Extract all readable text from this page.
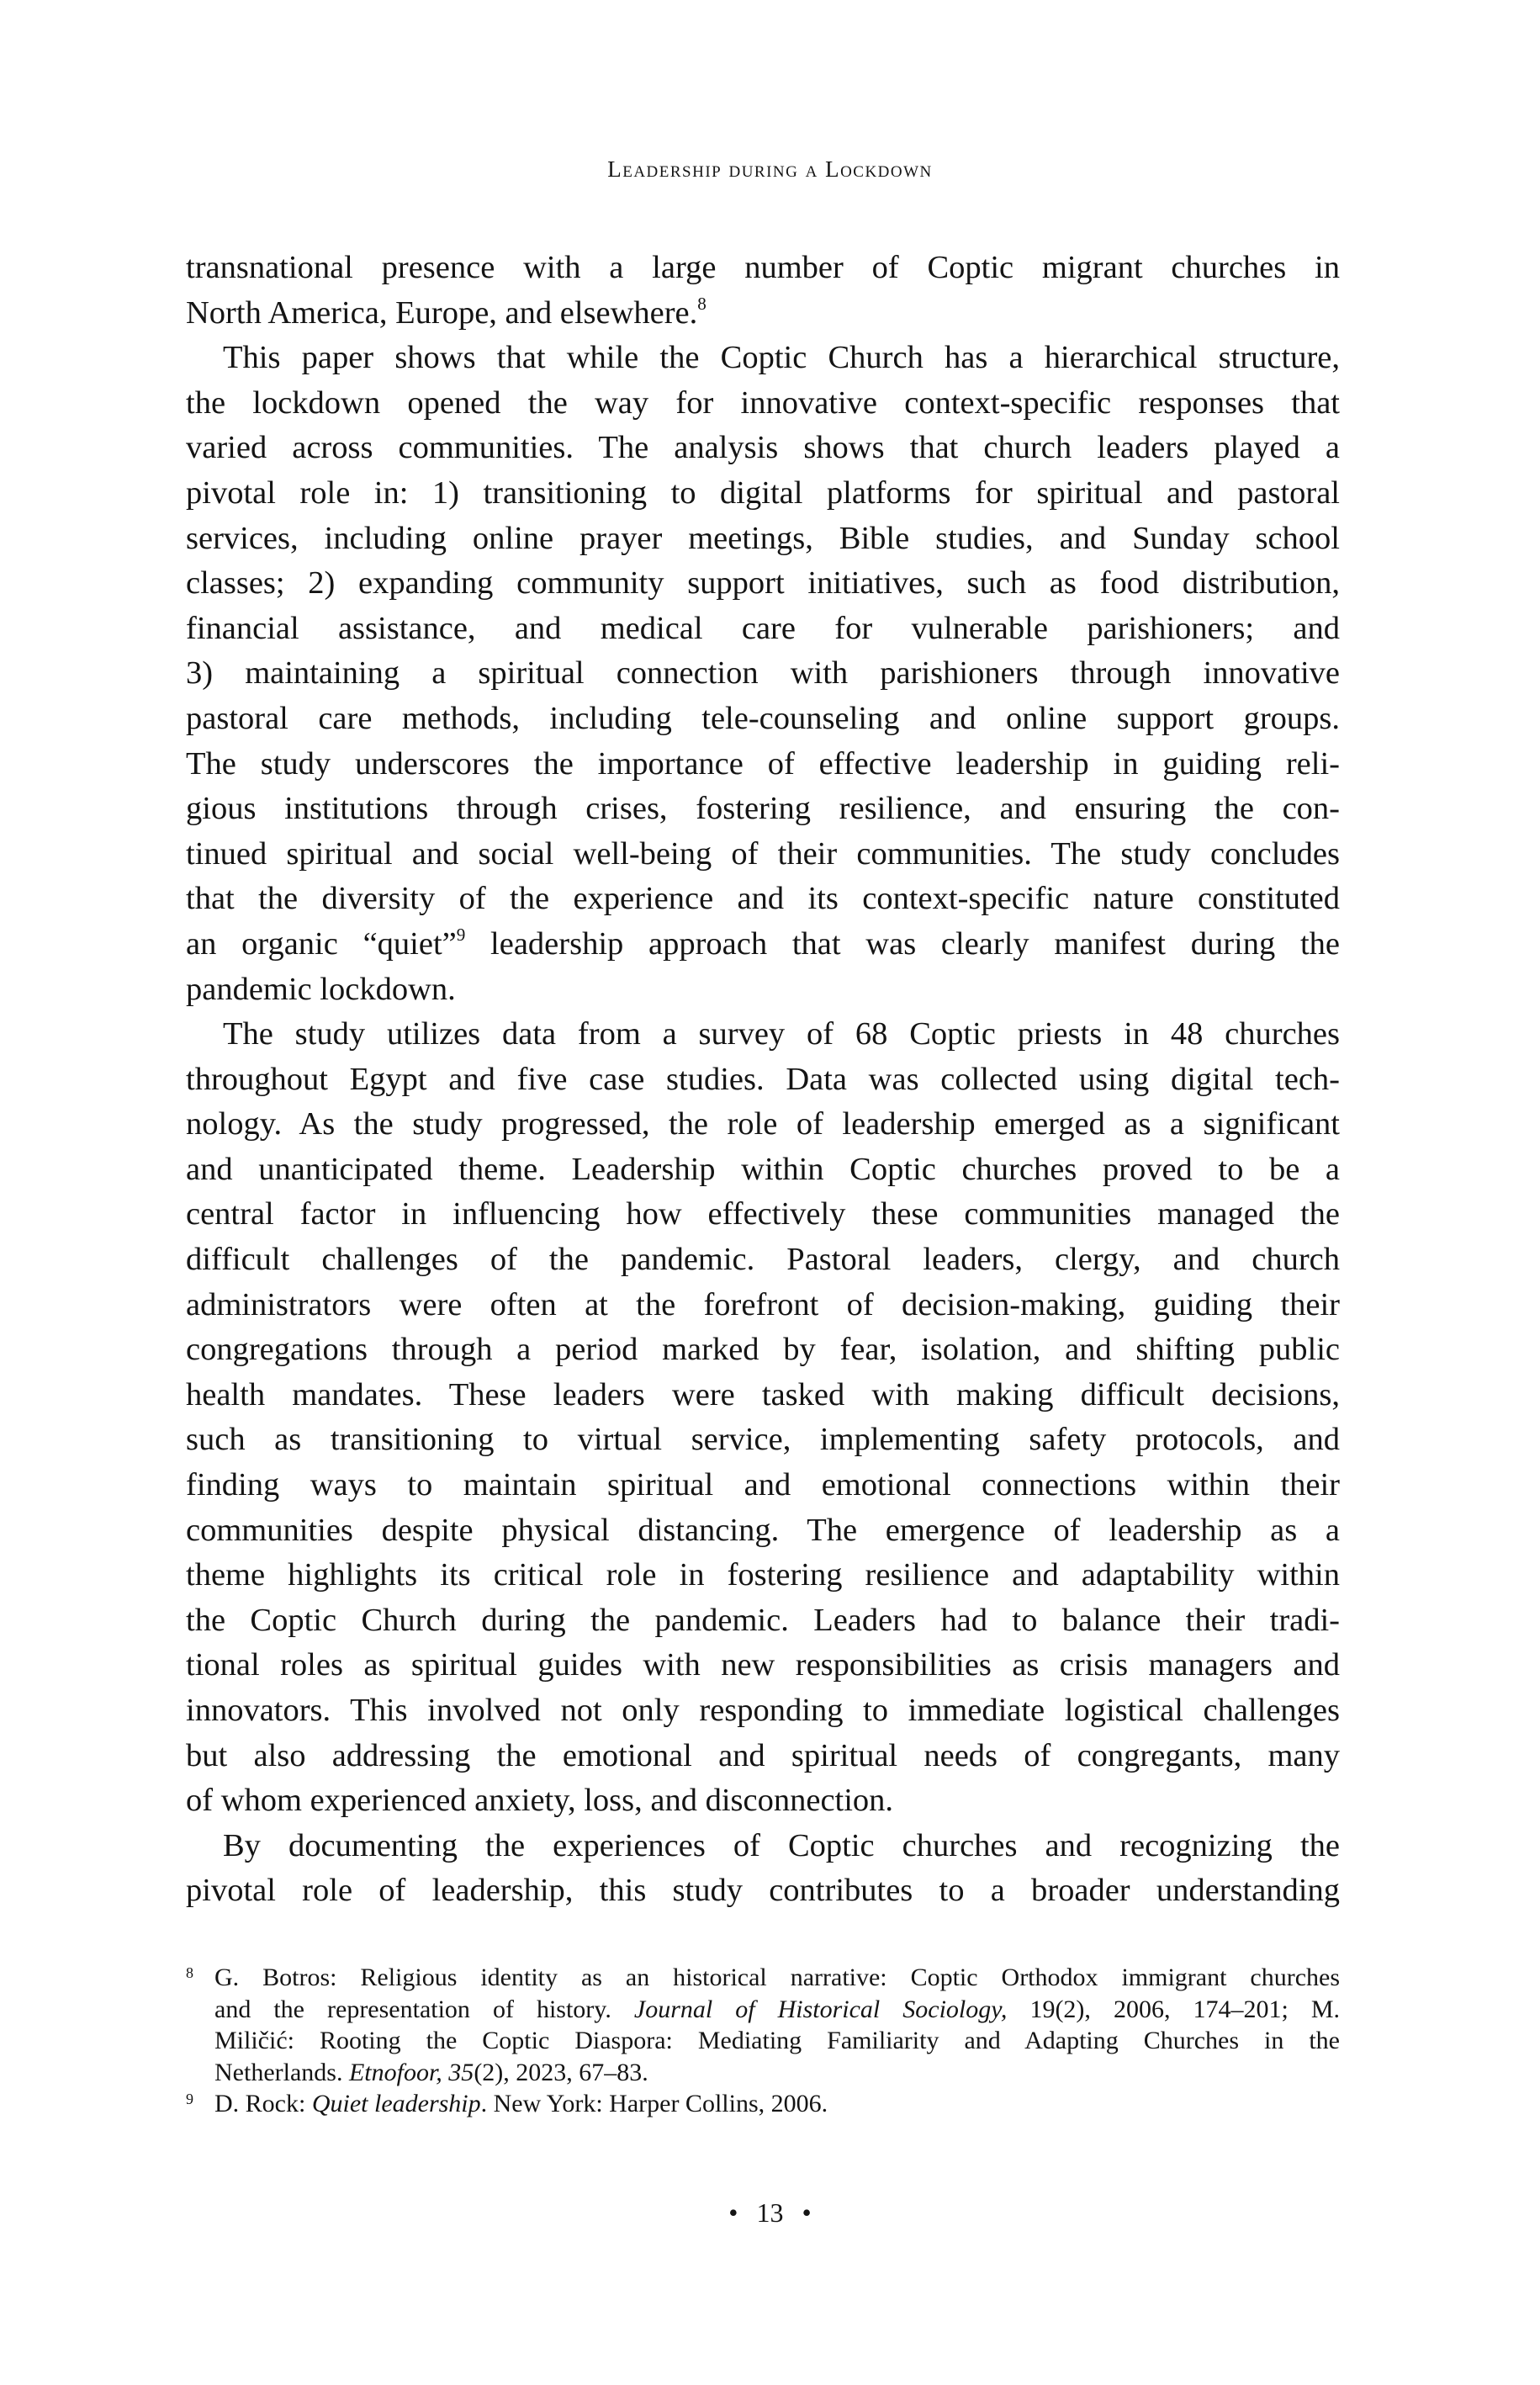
Leadership during a Lockdown
transnational presence with a large number of Coptic migrant churches in
North America, Europe, and elsewhere.$^8$
This paper shows that while the Coptic Church has a hierarchical structure,
the lockdown opened the way for innovative context-specific responses that
varied across communities. The analysis shows that church leaders played a
pivotal role in: 1) transitioning to digital platforms for spiritual and pastoral
services, including online prayer meetings, Bible studies, and Sunday school
classes; 2) expanding community support initiatives, such as food distribution,
financial assistance, and medical care for vulnerable parishioners; and
3) maintaining a spiritual connection with parishioners through innovative
pastoral care methods, including tele-counseling and online support groups.
The study underscores the importance of effective leadership in guiding reli-
gious institutions through crises, fostering resilience, and ensuring the con-
tinued spiritual and social well-being of their communities. The study concludes
that the diversity of the experience and its context-specific nature constituted
an organic “quiet”$^9$ leadership approach that was clearly manifest during the
pandemic lockdown.
The study utilizes data from a survey of 68 Coptic priests in 48 churches
throughout Egypt and five case studies. Data was collected using digital tech-
nology. As the study progressed, the role of leadership emerged as a significant
and unanticipated theme. Leadership within Coptic churches proved to be a
central factor in influencing how effectively these communities managed the
difficult challenges of the pandemic. Pastoral leaders, clergy, and church
administrators were often at the forefront of decision-making, guiding their
congregations through a period marked by fear, isolation, and shifting public
health mandates. These leaders were tasked with making difficult decisions,
such as transitioning to virtual service, implementing safety protocols, and
finding ways to maintain spiritual and emotional connections within their
communities despite physical distancing. The emergence of leadership as a
theme highlights its critical role in fostering resilience and adaptability within
the Coptic Church during the pandemic. Leaders had to balance their tradi-
tional roles as spiritual guides with new responsibilities as crisis managers and
innovators. This involved not only responding to immediate logistical challenges
but also addressing the emotional and spiritual needs of congregants, many
of whom experienced anxiety, loss, and disconnection.
By documenting the experiences of Coptic churches and recognizing the
pivotal role of leadership, this study contributes to a broader understanding
8 G. Botros: Religious identity as an historical narrative: Coptic Orthodox immigrant churches
and the representation of history. Journal of Historical Sociology, 19(2), 2006, 174–201; M.
Miličić: Rooting the Coptic Diaspora: Mediating Familiarity and Adapting Churches in the
Netherlands. Etnofoor, 35(2), 2023, 67–83.
9 D. Rock: Quiet leadership. New York: Harper Collins, 2006.
• 13 •
